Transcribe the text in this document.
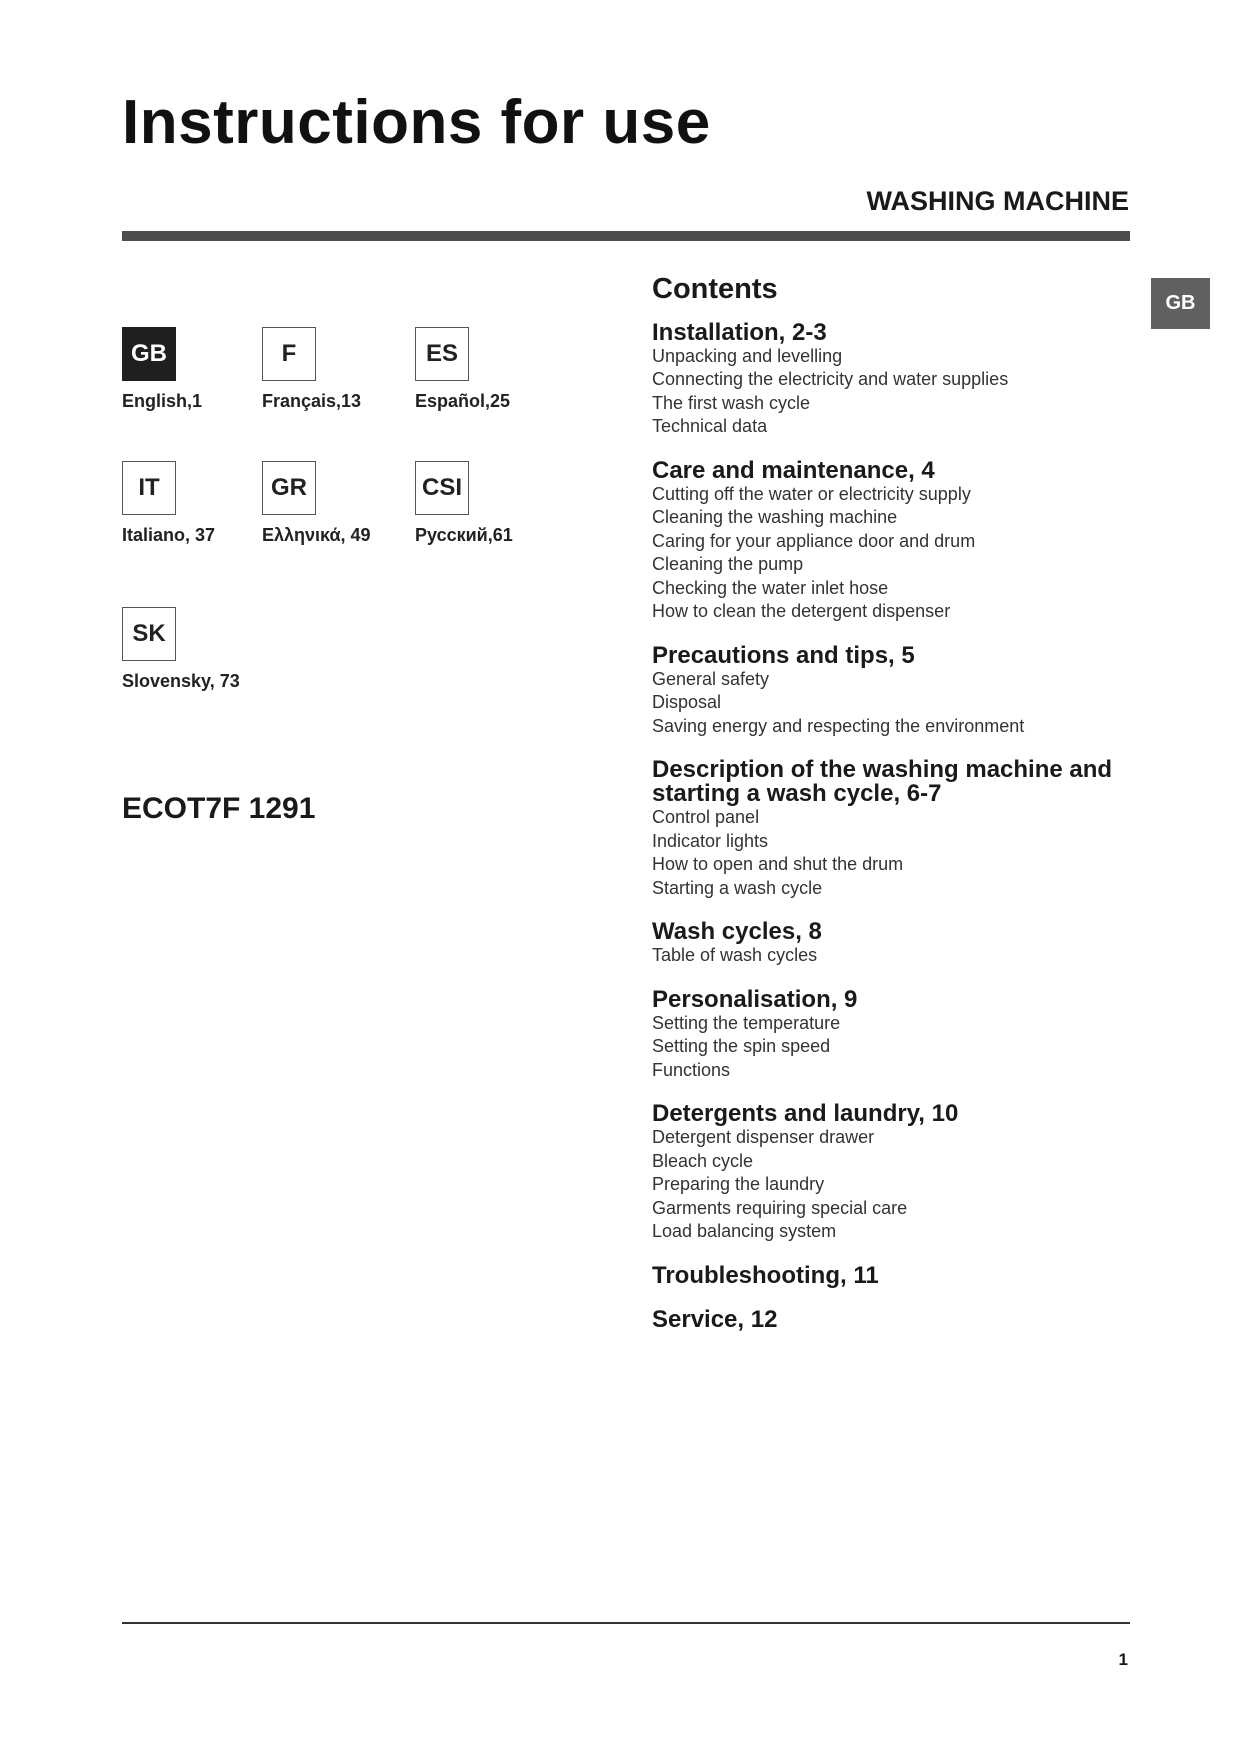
Instructions for use
WASHING MACHINE
GB
GB
English,1
F
Français,13
ES
Español,25
IT
Italiano, 37
GR
Ελληνικά, 49
CSI
Русский,61
SK
Slovensky, 73
ECOT7F 1291
Contents
Installation, 2-3
Unpacking and levelling
Connecting the electricity and water supplies
The first wash cycle
Technical data
Care and maintenance, 4
Cutting off the water or electricity supply
Cleaning the washing machine
Caring for your appliance door and drum
Cleaning the pump
Checking the water inlet hose
How to clean the detergent dispenser
Precautions and tips, 5
General safety
Disposal
Saving energy and respecting the environment
Description of the washing machine and starting a wash cycle, 6-7
Control panel
Indicator lights
How to open and shut the drum
Starting a wash cycle
Wash cycles, 8
Table of wash cycles
Personalisation, 9
Setting the temperature
Setting the spin speed
Functions
Detergents and laundry, 10
Detergent dispenser drawer
Bleach cycle
Preparing the laundry
Garments requiring special care
Load balancing system
Troubleshooting, 11
Service, 12
1
